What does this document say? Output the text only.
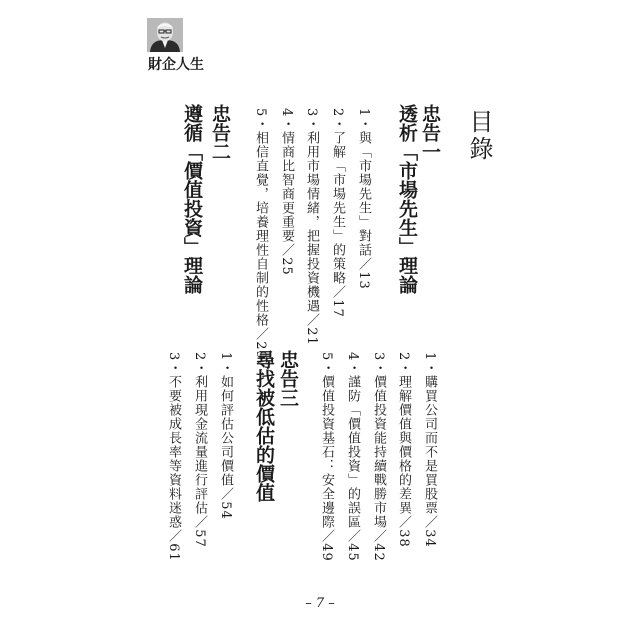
財企人生
目錄
忠告一
透析「市場先生」理論
1・與「市場先生」對話／13
2・了解「市場先生」的策略／17
3・利用市場情緒，把握投資機遇／21
4・情商比智商更重要／25
5・相信直覺，培養理性自制的性格／29
忠告二
遵循「價值投資」理論
1・購買公司而不是買股票／34
2・理解價值與價格的差異／38
3・價值投資能持續戰勝市場／42
4・謹防「價值投資」的誤區／45
5・價值投資基石：安全邊際／49
忠告三
尋找被低估的價值
1・如何評估公司價值／54
2・利用現金流量進行評估／57
3・不要被成長率等資料迷惑／61
– 7 –
